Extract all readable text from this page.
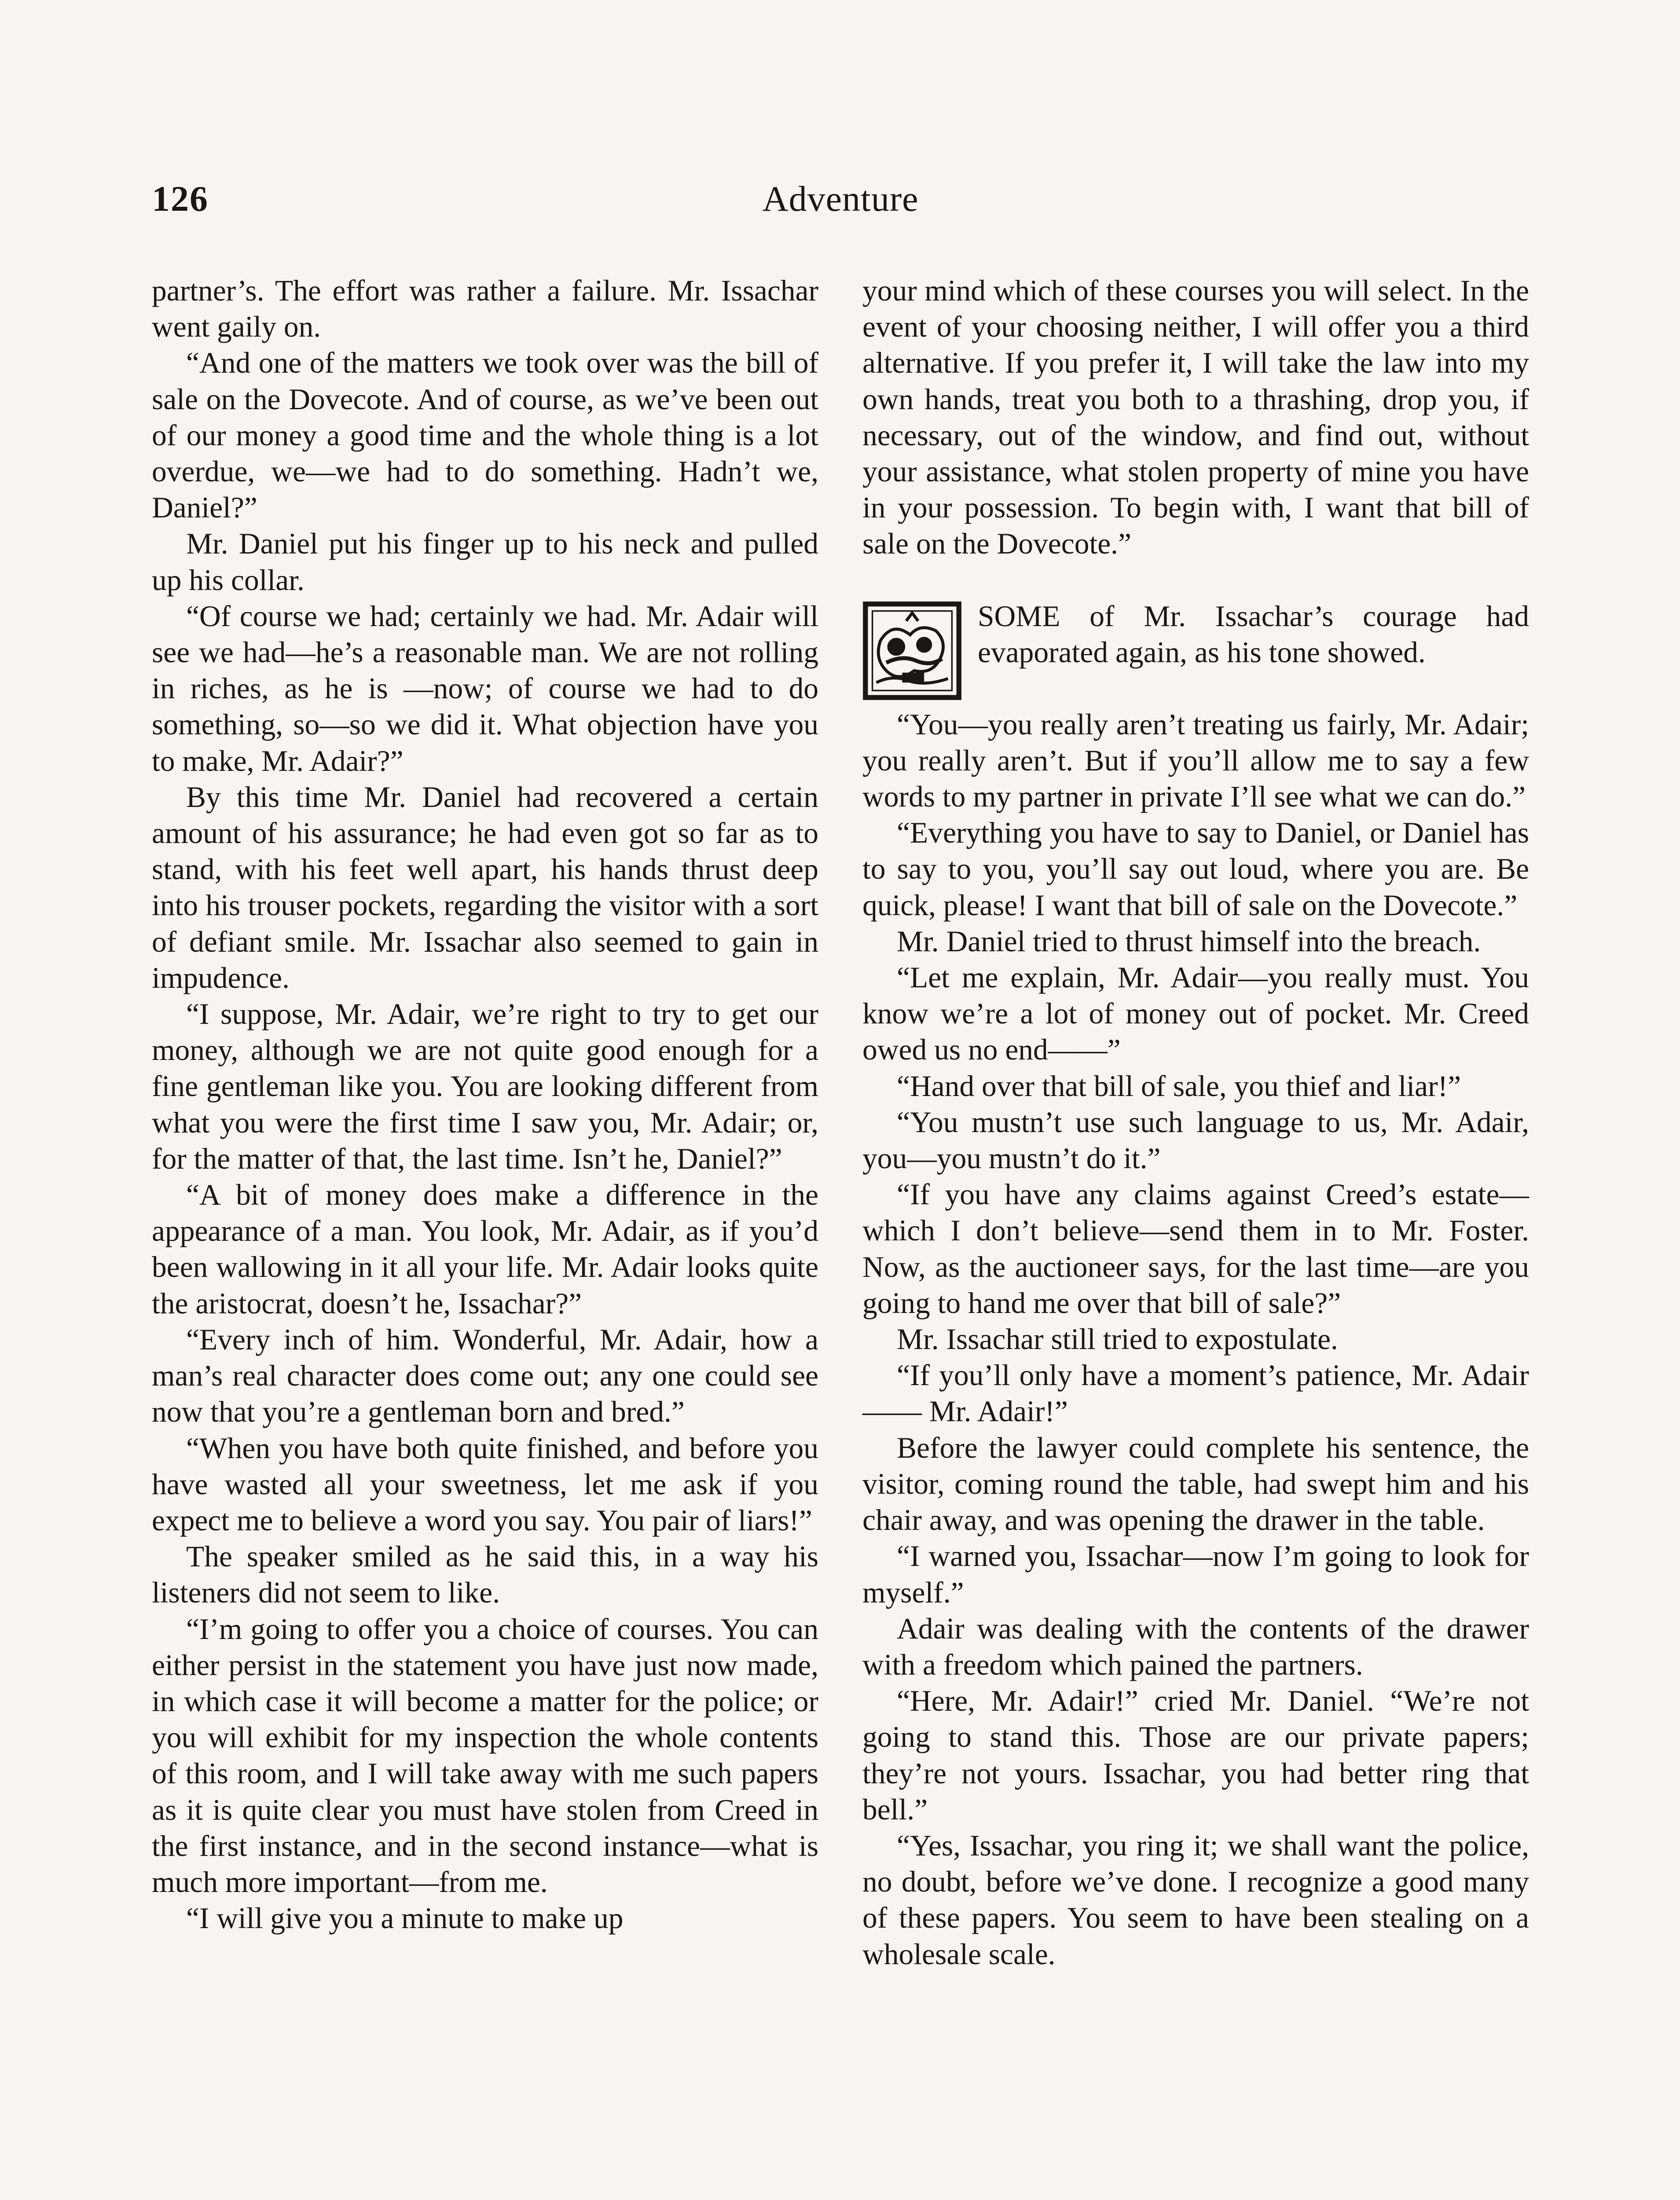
126	Adventure

partner’s. The effort was rather a failure. Mr. Issachar went gaily on.

“And one of the matters we took over was the bill of sale on the Dovecote. And of course, as we’ve been out of our money a good time and the whole thing is a lot overdue, we—we had to do something. Hadn’t we, Daniel?”

Mr. Daniel put his finger up to his neck and pulled up his collar.

“Of course we had; certainly we had. Mr. Adair will see we had—he’s a reasonable man. We are not rolling in riches, as he is —now; of course we had to do something, so—so we did it. What objection have you to make, Mr. Adair?”

By this time Mr. Daniel had recovered a certain amount of his assurance; he had even got so far as to stand, with his feet well apart, his hands thrust deep into his trouser pockets, regarding the visitor with a sort of defiant smile. Mr. Issachar also seemed to gain in impudence.

“I suppose, Mr. Adair, we’re right to try to get our money, although we are not quite good enough for a fine gentleman like you. You are looking different from what you were the first time I saw you, Mr. Adair; or, for the matter of that, the last time. Isn’t he, Daniel?”

“A bit of money does make a difference in the appearance of a man. You look, Mr. Adair, as if you’d been wallowing in it all your life. Mr. Adair looks quite the aristocrat, doesn’t he, Issachar?”

“Every inch of him. Wonderful, Mr. Adair, how a man’s real character does come out; any one could see now that you’re a gentleman born and bred.”

“When you have both quite finished, and before you have wasted all your sweetness, let me ask if you expect me to believe a word you say. You pair of liars!”

The speaker smiled as he said this, in a way his listeners did not seem to like.

“I’m going to offer you a choice of courses. You can either persist in the statement you have just now made, in which case it will become a matter for the police; or you will exhibit for my inspection the whole contents of this room, and I will take away with me such papers as it is quite clear you must have stolen from Creed in the first instance, and in the second instance—what is much more important—from me.

“I will give you a minute to make up

your mind which of these courses you will select. In the event of your choosing neither, I will offer you a third alternative. If you prefer it, I will take the law into my own hands, treat you both to a thrashing, drop you, if necessary, out of the window, and find out, without your assistance, what stolen property of mine you have in your possession. To begin with, I want that bill of sale on the Dovecote.”

SOME of Mr. Issachar’s courage had evaporated again, as his tone showed.

“You—you really aren’t treating us fairly, Mr. Adair; you really aren’t. But if you’ll allow me to say a few words to my partner in private I’ll see what we can do.”

“Everything you have to say to Daniel, or Daniel has to say to you, you’ll say out loud, where you are. Be quick, please! I want that bill of sale on the Dovecote.”

Mr. Daniel tried to thrust himself into the breach.

“Let me explain, Mr. Adair—you really must. You know we’re a lot of money out of pocket. Mr. Creed owed us no end——”

“Hand over that bill of sale, you thief and liar!”

“You mustn’t use such language to us, Mr. Adair, you—you mustn’t do it.”

“If you have any claims against Creed’s estate—which I don’t believe—send them in to Mr. Foster. Now, as the auctioneer says, for the last time—are you going to hand me over that bill of sale?”

Mr. Issachar still tried to expostulate.

“If you’ll only have a moment’s patience, Mr. Adair—— Mr. Adair!”

Before the lawyer could complete his sentence, the visitor, coming round the table, had swept him and his chair away, and was opening the drawer in the table.

“I warned you, Issachar—now I’m going to look for myself.”

Adair was dealing with the contents of the drawer with a freedom which pained the partners.

“Here, Mr. Adair!” cried Mr. Daniel. “We’re not going to stand this. Those are our private papers; they’re not yours. Issachar, you had better ring that bell.”

“Yes, Issachar, you ring it; we shall want the police, no doubt, before we’ve done. I recognize a good many of these papers. You seem to have been stealing on a wholesale scale.
